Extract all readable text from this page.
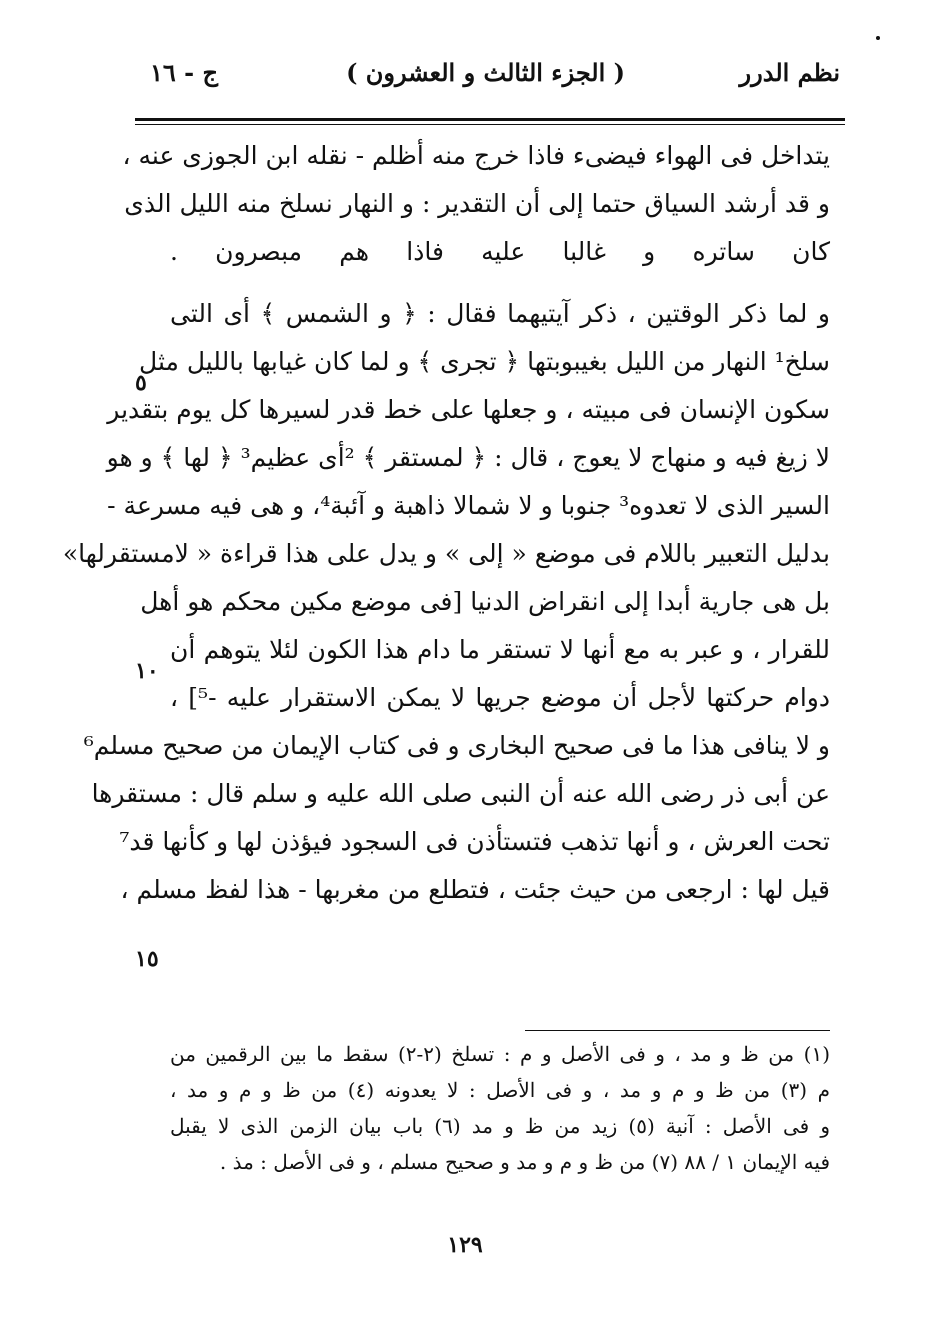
نظم الدرر
( الجزء الثالث و العشرون )
ج - ١٦
يتداخل فى الهواء فيضىء فاذا خرج منه أظلم - نقله ابن الجوزى عنه ،
و قد أرشد السياق حتما إلى أن التقدير : و النهار نسلخ منه الليل الذى
كان ساتره و غالبا عليه فاذا هم مبصرون .
و لما ذكر الوقتين ، ذكر آيتيهما فقال : ﴿ و الشمس ﴾ أى التى
سلخ¹ النهار من الليل بغيبوبتها ﴿ تجرى ﴾ و لما كان غيابها بالليل مثل
سكون الإنسان فى مبيته ، و جعلها على خط قدر لسيرها كل يوم بتقدير
لا زيغ فيه و منهاج لا يعوج ، قال : ﴿ لمستقر ﴾ ²أى عظيم³ ﴿ لها ﴾ و هو
السير الذى لا تعدوه³ جنوبا و لا شمالا ذاهبة و آئبة⁴، و هى فيه مسرعة -
بدليل التعبير باللام فى موضع « إلى » و يدل على هذا قراءة « لامستقرلها»
بل هى جارية أبدا إلى انقراض الدنيا [فى موضع مكين محكم هو أهل
للقرار ، و عبر به مع أنها لا تستقر ما دام هذا الكون لئلا يتوهم أن
دوام حركتها لأجل أن موضع جريها لا يمكن الاستقرار عليه -⁵] ،
و لا ينافى هذا ما فى صحيح البخارى و فى كتاب الإيمان من صحيح مسلم⁶
عن أبى ذر رضى الله عنه أن النبى صلى الله عليه و سلم قال : مستقرها
تحت العرش ، و أنها تذهب فتستأذن فى السجود فيؤذن لها و كأنها قد⁷
قيل لها : ارجعى من حيث جئت ، فتطلع من مغربها - هذا لفظ مسلم ،
٥
١٠
١٥
(١) من ظ و مد ، و فى الأصل و م : تسلخ (٢-٢) سقط ما بين الرقمين من
م (٣) من ظ و م و مد ، و فى الأصل : لا يعدونه (٤) من ظ و م و مد ،
و فى الأصل : آنية (٥) زيد من ظ و مد (٦) باب بيان الزمن الذى لا يقبل
فيه الإيمان ١ / ٨٨ (٧) من ظ و م و مد و صحيح مسلم ، و فى الأصل : مذ .
١٢٩
